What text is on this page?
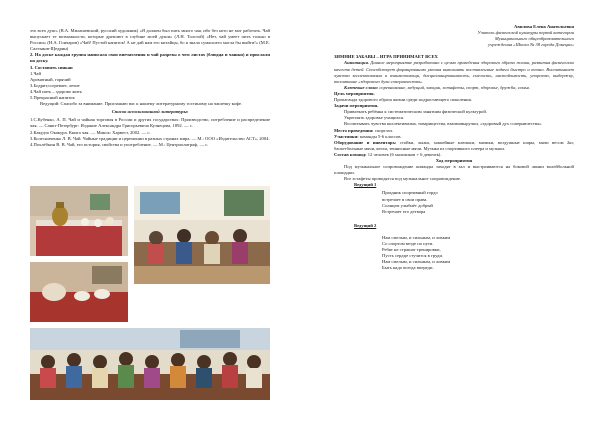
это всех душ» (В.А. Милашевский, русский художник) «Я должен был пить много чая, ибо без него не мог работать. Чай выпускает те возможности, которые дремлют в глубине моей души» (Л.Н. Толстой) «Нет, чай умеет пить только в России» (Н.А. Гончаров) «Чай! Пустой напиток! А не дай нам его китайцы, бо я знала сумасшего могла бы выйти!» (М.Е. Салтыков-Щедрин)

2. На доске каждая группа написала свои впечатления и чай разрезы о чем листах (блюдца и чашки) и прислали на доску.

3. Составить синкан

1.Чай
Ароматный, горячий
3.Бодрит,согревает, лечит
4.Чай пить – здорово жить
5.Прекрасный напиток

Ведущий: Спасибо за внимание. Приглашаю вас к нашему литературному гостиному на чашечку кофе.

Список использованной литературы:

1.С.Кубенко, А. П. Чай и чайная торговля в России и других государствах: Производство, потребление и распределение чая. — Санкт-Петербург: Издание Александра Григорьевича Кузнецова, 1892. — с.

2.Какудзо Окакура. Книга чая. — Минск: Харвест, 2002. — с.

3.Колесниченко Л. В. Чай. Чайные традиции и церемонии в разных странах мира. — М.: ООО «Издательство АСТ», 2004.

4.Похлёбкин В. В. Чай, его история, свойства и употребление. — М.: Центрполиграф, — с.

Авилова Елена Анатольевна
Учитель физической культуры первой категории
Муниципального общеобразовательного
учреждения «Школа № 38 города Донецка»
ЗИМНИЕ ЗАБАВЫ – ИГРА ПРИНИМАЕТ ВСЕХ

Аннотация. Данное мероприятие разработано с целью проведения здорового образа жизни, развития физических качеств детей. Способствует формированию умения выполнять поставленные задачи быстро и точно. Воспитывает чувство коллективизма и взаимопомощи, дисциплинированность, смелость, настойчивость, упорство, выдержку, воспитание «здорового духа соперничества».

Ключевые слова: соревнование, ведущий, эмоции, эстафеты, спорт, здоровье, дружба, семья.

Цель мероприятия.
Пропаганда здорового образа жизни среди подрастающего поколения.
Задачи мероприятия.
Привлекать ребёнка к систематическим занятиям физической культурой.
Укреплять здоровье учащихся.
Воспитывать чувства коллективизма, товарищества, взаимовыручки, «здоровый дух соперничества».
Место проведения: спортзал.
Участники: команды 5-6 классов.

Оборудование и инвентарь: стойки, лыжи, хоккейные клюшки, мячики, воздушные шары, мячи весом 2кг, баскетбольные мячи, кегли, теннисные мячи. Музыка из спортивного плеера и музыки.

Состав команд: 12 человек (6 мальчиков + 6 девочек).
Ход мероприятия

Под музыкальное сопровождение команды заходят в зал и выстраиваются на боковой линии волейбольной площадки.

Все эстафеты проводятся под музыкальное сопровождение.

Ведущий 1
Праздник спортивный гордо
встречает в свои права.
Солнцем улыбнёт добрый
Встречает его детвора
Ведущий 2
Нам смелым, и сильным, и ловким
Со спортом везде по пути.
Ребят не страшат тренировки,
Пусть сердце стучится в груди.
Нам смелым, и сильным, и ловким
Быть надо всегда впереди.
